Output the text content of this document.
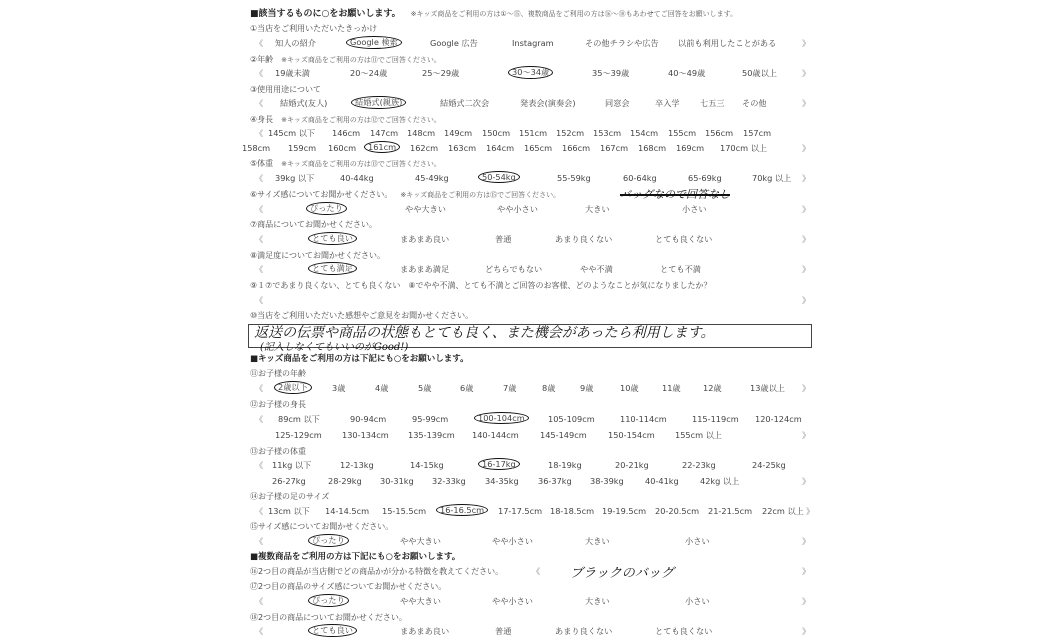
■該当するものに○をお願いします。 ※キッズ商品をご利用の方は①〜⑮、複数商品をご利用の方は⑯〜⑱もあわせてご回答をお願いします。
①当店をご利用いただいたきっかけ
《 知人の紹介	Google 検索	Google 広告	Instagram	その他チラシや広告 以前も利用したことがある	》
②年齢 ※キッズ商品をご利用の方は⑪でご回答ください。
《 19歳未満	20〜24歳	25〜29歳	30〜34歳	35〜39歳	40〜49歳	50歳以上	》
③使用用途について
《 結婚式(友人)	結婚式(親族)	結婚式二次会	発表会(演奏会)	同窓会	卒入学 七五三 その他	》
④身長 ※キッズ商品をご利用の方は⑫でご回答ください。
《 145cm 以下 146cm 147cm 148cm 149cm 150cm 151cm 152cm 153cm 154cm 155cm 156cm 157cm
158cm 159cm 160cm	161cm	162cm 163cm 164cm 165cm 166cm 167cm 168cm 169cm 170cm 以上	》
⑤体重 ※キッズ商品をご利用の方は⑬でご回答ください。
《 39kg 以下	40-44kg	45-49kg	50-54kg	55-59kg	60-64kg	65-69kg	70kg 以上 》
⑥サイズ感についてお聞かせください。 ※キッズ商品をご利用の方は⑮でご回答ください。	バッグなので回答なし
《	ぴったり	やや大きい	やや小さい	大きい	小さい	》
⑦商品についてお聞かせください。
《	とても良い	まあまあ良い	普通	あまり良くない	とても良くない	》
⑧満足度についてお聞かせください。
《	とても満足	まあまあ満足	どちらでもない	やや不満	とても不満	》
⑨１⑦であまり良くない、とても良くない　⑧でやや不満、とても不満とご回答のお客様、どのようなことが気になりましたか？
《	》
⑩当店をご利用いただいた感想やご意見をお聞かせください。
返送の伝票や商品の状態もとても良く、また機会があったら利用します。
(記入しなくてもいいのがGood!)
■キッズ商品をご利用の方は下記にも○をお願いします。
⑪お子様の年齢
《	2歳以下	3歳	4歳	5歳	6歳	7歳	8歳	9歳	10歳	11歳	12歳	13歳以上 》
⑫お子様の身長
《 89cm 以下	90-94cm	95-99cm	100-104cm	105-109cm	110-114cm	115-119cm 120-124cm
125-129cm 130-134cm 135-139cm 140-144cm	145-149cm	150-154cm 155cm 以上	》
⑬お子様の体重
《 11kg 以下	12-13kg	14-15kg	16-17kg	18-19kg	20-21kg	22-23kg	24-25kg
26-27kg	28-29kg 30-31kg 32-33kg 34-35kg 36-37kg 38-39kg	40-41kg	42kg 以上	》
⑭お子様の足のサイズ
《 13cm 以下 14-14.5cm 15-15.5cm	16-16.5cm	17-17.5cm 18-18.5cm 19-19.5cm 20-20.5cm 21-21.5cm 22cm 以上 》
⑮サイズ感についてお聞かせください。
《	ぴったり	やや大きい	やや小さい	大きい	小さい	》
■複数商品をご利用の方は下記にも○をお願いします。
⑯2つ目の商品が当店側でどの商品かが分かる特徴を教えてください。	《 ブラックのバッグ	》
⑰2つ目の商品のサイズ感についてお聞かせください。
《	ぴったり	やや大きい	やや小さい	大きい	小さい	》
⑱2つ目の商品についてお聞かせください。
《	とても良い	まあまあ良い	普通	あまり良くない	とても良くない	》
